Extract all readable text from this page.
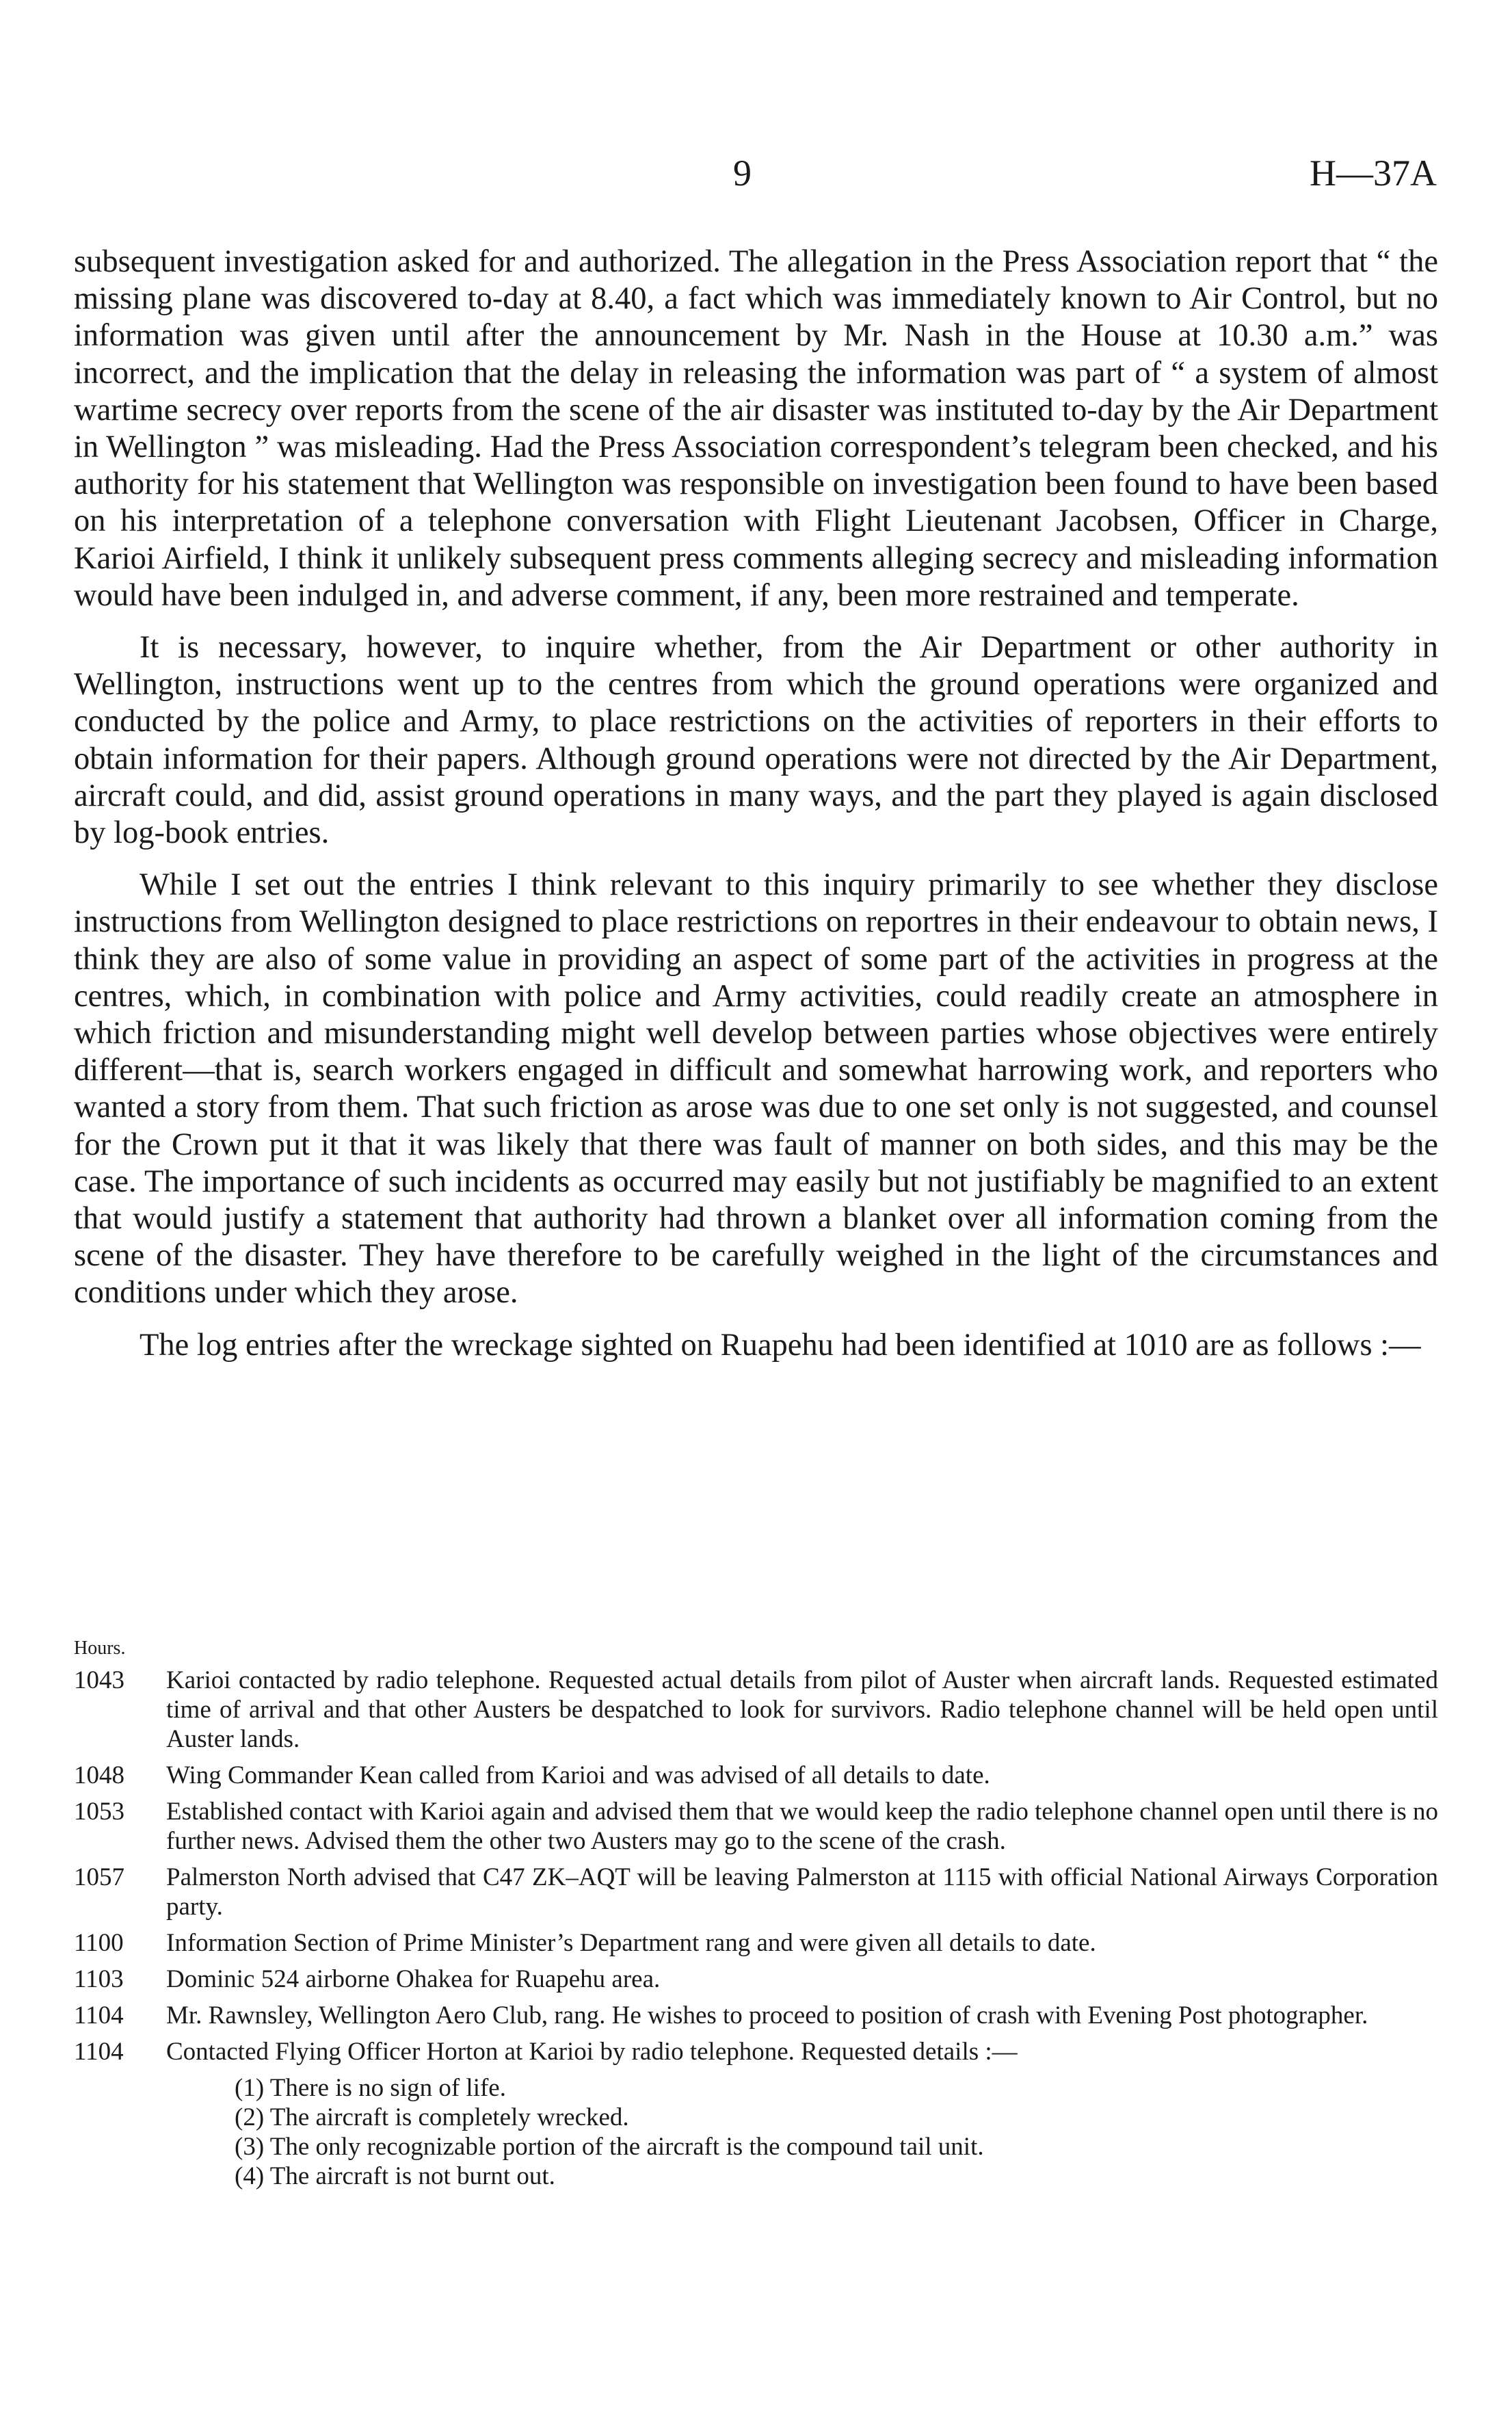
9	H—37A

subsequent investigation asked for and authorized. The allegation in the Press Association report that “ the missing plane was discovered to-day at 8.40, a fact which was immediately known to Air Control, but no information was given until after the announcement by Mr. Nash in the House at 10.30 a.m.” was incorrect, and the implication that the delay in releasing the information was part of “ a system of almost wartime secrecy over reports from the scene of the air disaster was instituted to-day by the Air Department in Wellington ” was misleading. Had the Press Association correspondent’s telegram been checked, and his authority for his statement that Wellington was responsible on investigation been found to have been based on his interpretation of a telephone conversation with Flight Lieutenant Jacobsen, Officer in Charge, Karioi Airfield, I think it unlikely subsequent press comments alleging secrecy and misleading information would have been indulged in, and adverse comment, if any, been more restrained and temperate.

It is necessary, however, to inquire whether, from the Air Department or other authority in Wellington, instructions went up to the centres from which the ground operations were organized and conducted by the police and Army, to place restrictions on the activities of reporters in their efforts to obtain information for their papers. Although ground operations were not directed by the Air Department, aircraft could, and did, assist ground operations in many ways, and the part they played is again disclosed by log-book entries.

While I set out the entries I think relevant to this inquiry primarily to see whether they disclose instructions from Wellington designed to place restrictions on reportres in their endeavour to obtain news, I think they are also of some value in providing an aspect of some part of the activities in progress at the centres, which, in combination with police and Army activities, could readily create an atmosphere in which friction and misunderstanding might well develop between parties whose objectives were entirely different—that is, search workers engaged in difficult and somewhat harrowing work, and reporters who wanted a story from them. That such friction as arose was due to one set only is not suggested, and counsel for the Crown put it that it was likely that there was fault of manner on both sides, and this may be the case. The importance of such incidents as occurred may easily but not justifiably be magnified to an extent that would justify a statement that authority had thrown a blanket over all information coming from the scene of the disaster. They have therefore to be carefully weighed in the light of the circumstances and conditions under which they arose.

The log entries after the wreckage sighted on Ruapehu had been identified at 1010 are as follows :—

Hours.
1043	Karioi contacted by radio telephone. Requested actual details from pilot of Auster when aircraft lands. Requested estimated time of arrival and that other Austers be despatched to look for survivors. Radio telephone channel will be held open until Auster lands.
1048	Wing Commander Kean called from Karioi and was advised of all details to date.
1053	Established contact with Karioi again and advised them that we would keep the radio telephone channel open until there is no further news. Advised them the other two Austers may go to the scene of the crash.
1057	Palmerston North advised that C47 ZK–AQT will be leaving Palmerston at 1115 with official National Airways Corporation party.
1100	Information Section of Prime Minister’s Department rang and were given all details to date.
1103	Dominic 524 airborne Ohakea for Ruapehu area.
1104	Mr. Rawnsley, Wellington Aero Club, rang. He wishes to proceed to position of crash with Evening Post photographer.
1104	Contacted Flying Officer Horton at Karioi by radio telephone. Requested details :—
(1) There is no sign of life.
(2) The aircraft is completely wrecked.
(3) The only recognizable portion of the aircraft is the compound tail unit.
(4) The aircraft is not burnt out.
